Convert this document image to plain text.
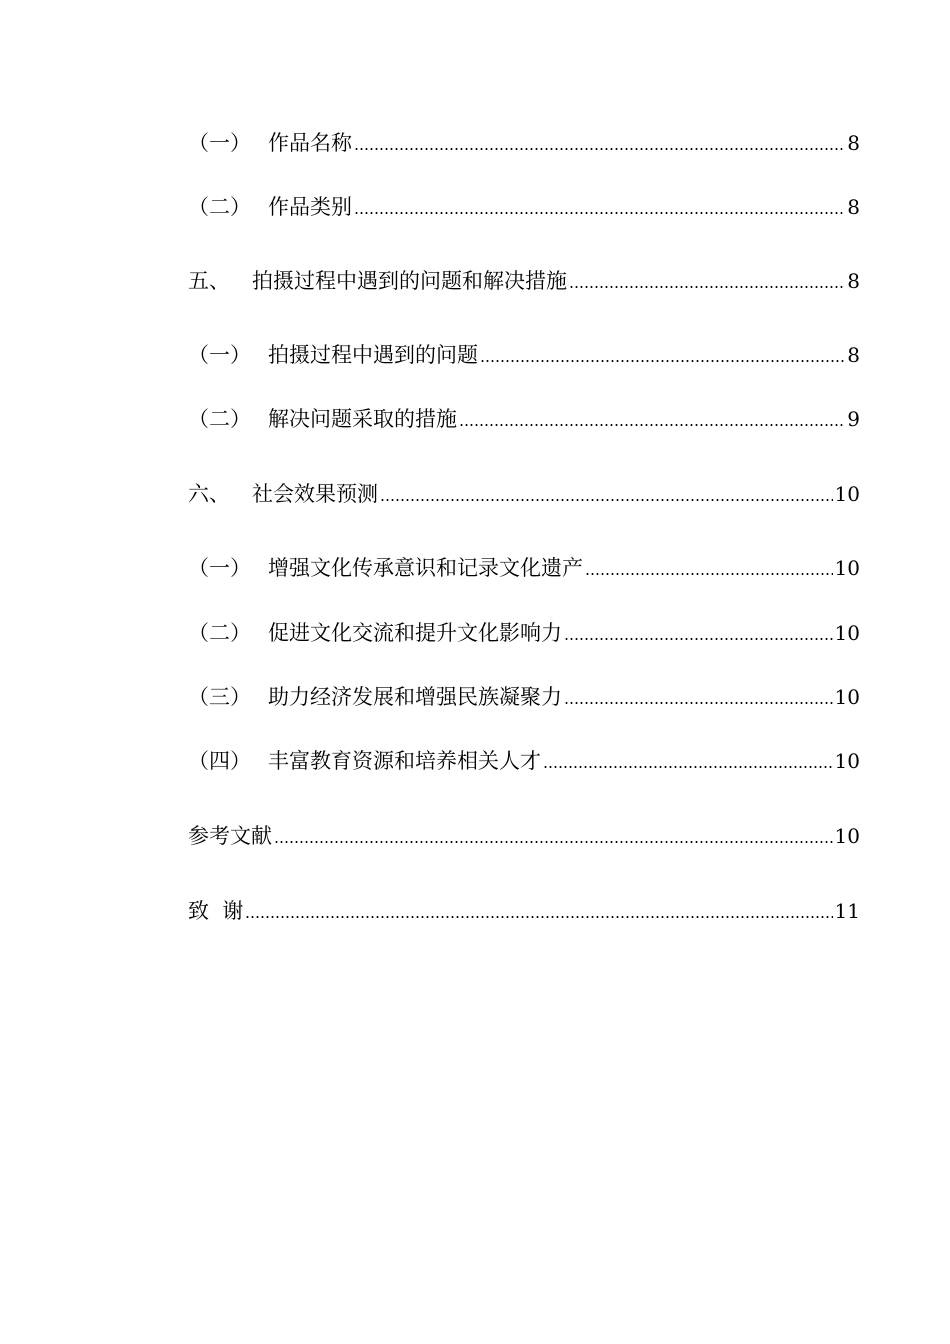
（一） 作品名称	8
（二） 作品类别	8
五、	拍摄过程中遇到的问题和解决措施	8
（一） 拍摄过程中遇到的问题	8
（二） 解决问题采取的措施	9
六、	社会效果预测	10
（一） 增强文化传承意识和记录文化遗产	10
（二） 促进文化交流和提升文化影响力	10
（三） 助力经济发展和增强民族凝聚力	10
（四） 丰富教育资源和培养相关人才	10
参考文献	10
致  谢	11
